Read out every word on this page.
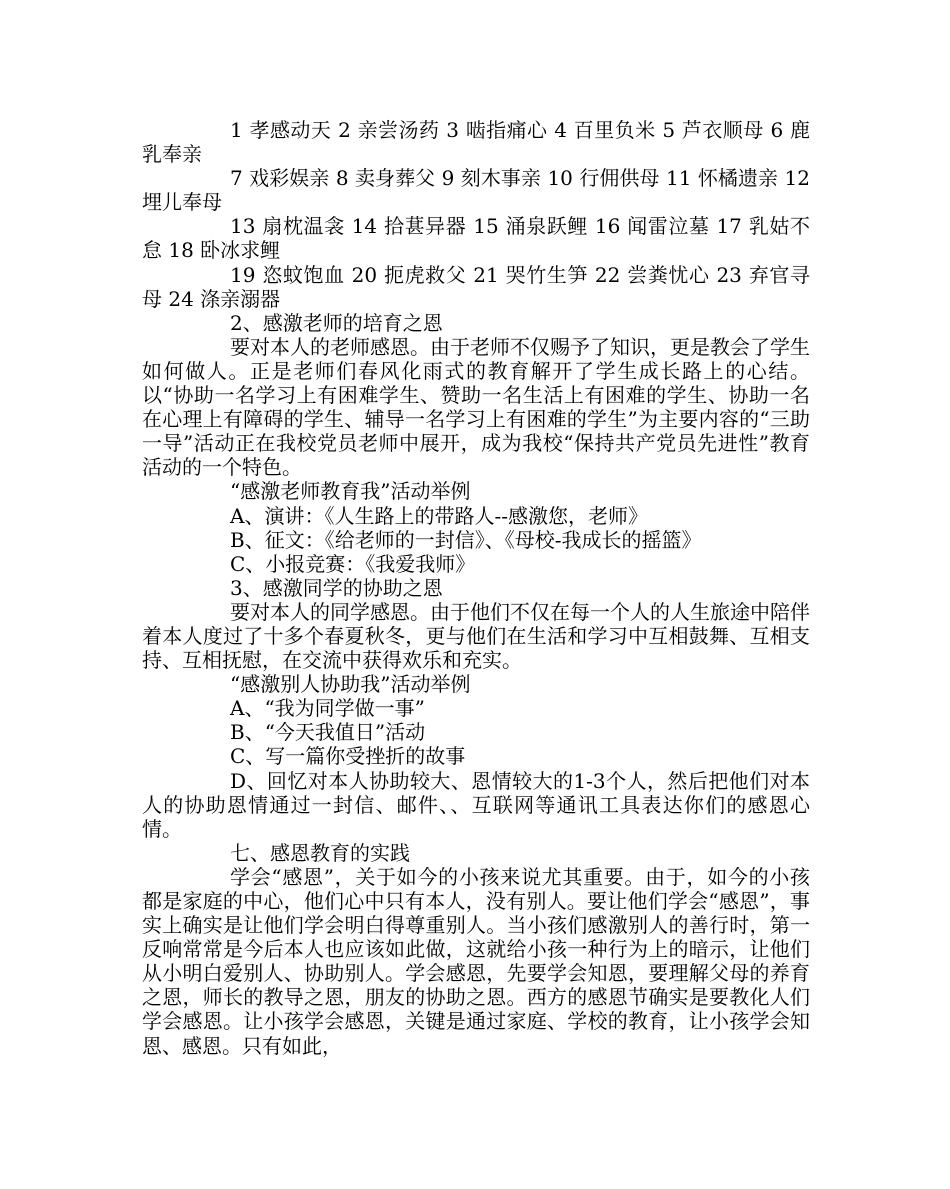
1 孝感动天 2 亲尝汤药 3 啮指痛心 4 百里负米 5 芦衣顺母 6 鹿乳奉亲

7 戏彩娱亲 8 卖身葬父 9 刻木事亲 10 行佣供母 11 怀橘遗亲 12 埋儿奉母

13 扇枕温衾 14 拾葚异器 15 涌泉跃鲤 16 闻雷泣墓 17 乳姑不怠 18 卧冰求鲤

19 恣蚊饱血 20 扼虎救父 21 哭竹生笋 22 尝粪忧心 23 弃官寻母 24 涤亲溺器

2、感激老师的培育之恩

要对本人的老师感恩。由于老师不仅赐予了知识，更是教会了学生如何做人。正是老师们春风化雨式的教育解开了学生成长路上的心结。以“协助一名学习上有困难学生、赞助一名生活上有困难的学生、协助一名在心理上有障碍的学生、辅导一名学习上有困难的学生”为主要内容的“三助一导”活动正在我校党员老师中展开，成为我校“保持共产党员先进性”教育活动的一个特色。

“感激老师教育我”活动举例

A、演讲：《人生路上的带路人--感激您，老师》

B、征文：《给老师的一封信》、《母校-我成长的摇篮》

C、小报竞赛：《我爱我师》

3、感激同学的协助之恩

要对本人的同学感恩。由于他们不仅在每一个人的人生旅途中陪伴着本人度过了十多个春夏秋冬，更与他们在生活和学习中互相鼓舞、互相支持、互相抚慰，在交流中获得欢乐和充实。

“感激别人协助我”活动举例

A、“我为同学做一事”

B、“今天我值日”活动

C、写一篇你受挫折的故事

D、回忆对本人协助较大、恩情较大的1-3个人，然后把他们对本人的协助恩情通过一封信、邮件、、互联网等通讯工具表达你们的感恩心情。

七、感恩教育的实践

学会“感恩”，关于如今的小孩来说尤其重要。由于，如今的小孩都是家庭的中心，他们心中只有本人，没有别人。要让他们学会“感恩”，事实上确实是让他们学会明白得尊重别人。当小孩们感激别人的善行时，第一反响常常是今后本人也应该如此做，这就给小孩一种行为上的暗示，让他们从小明白爱别人、协助别人。学会感恩，先要学会知恩，要理解父母的养育之恩，师长的教导之恩，朋友的协助之恩。西方的感恩节确实是要教化人们学会感恩。让小孩学会感恩，关键是通过家庭、学校的教育，让小孩学会知恩、感恩。只有如此，
